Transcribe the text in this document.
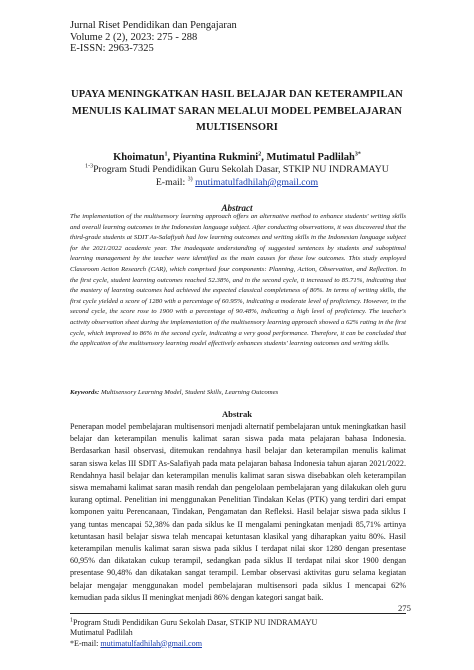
Jurnal Riset Pendidikan dan Pengajaran
Volume 2 (2), 2023: 275 - 288
E-ISSN: 2963-7325
UPAYA MENINGKATKAN HASIL BELAJAR DAN KETERAMPILAN
MENULIS KALIMAT SARAN MELALUI MODEL PEMBELAJARAN
MULTISENSORI
Khoimatun$^1$, Piyantina Rukmini$^2$, Mutimatul Padlilah$^{3*}$
$^{1-3}$Program Studi Pendidikan Guru Sekolah Dasar, STKIP NU INDRAMAYU
E-mail: $^{3)}$ mutimatulfadhilah@gmail.com
Abstract
The implementation of the multisensory learning approach offers an alternative method to enhance students' writing skills and overall learning outcomes in the Indonesian language subject. After conducting observations, it was discovered that the third-grade students at SDIT As-Salafiyah had low learning outcomes and writing skills in the Indonesian language subject for the 2021/2022 academic year. The inadequate understanding of suggested sentences by students and suboptimal learning management by the teacher were identified as the main causes for these low outcomes. This study employed Classroom Action Research (CAR), which comprised four components: Planning, Action, Observation, and Reflection. In the first cycle, student learning outcomes reached 52.38%, and in the second cycle, it increased to 85.71%, indicating that the mastery of learning outcomes had achieved the expected classical completeness of 80%. In terms of writing skills, the first cycle yielded a score of 1280 with a percentage of 60.95%, indicating a moderate level of proficiency. However, in the second cycle, the score rose to 1900 with a percentage of 90.48%, indicating a high level of proficiency. The teacher's activity observation sheet during the implementation of the multisensory learning approach showed a 62% rating in the first cycle, which improved to 86% in the second cycle, indicating a very good performance. Therefore, it can be concluded that the application of the multisensory learning model effectively enhances students' learning outcomes and writing skills.
Keywords: Multisensory Learning Model, Student Skills, Learning Outcomes
Abstrak
Penerapan model pembelajaran multisensori menjadi alternatif pembelajaran untuk meningkatkan hasil belajar dan keterampilan menulis kalimat saran siswa pada mata pelajaran bahasa Indonesia. Berdasarkan hasil observasi, ditemukan rendahnya hasil belajar dan keterampilan menulis kalimat saran siswa kelas III SDIT As-Salafiyah pada mata pelajaran bahasa Indonesia tahun ajaran 2021/2022. Rendahnya hasil belajar dan keterampilan menulis kalimat saran siswa disebabkan oleh keterampilan siswa memahami kalimat saran masih rendah dan pengelolaan pembelajaran yang dilakukan oleh guru kurang optimal. Penelitian ini menggunakan Penelitian Tindakan Kelas (PTK) yang terdiri dari empat komponen yaitu Perencanaan, Tindakan, Pengamatan dan Refleksi. Hasil belajar siswa pada siklus I yang tuntas mencapai 52,38% dan pada siklus ke II mengalami peningkatan menjadi 85,71% artinya ketuntasan hasil belajar siswa telah mencapai ketuntasan klasikal yang diharapkan yaitu 80%. Hasil keterampilan menulis kalimat saran siswa pada siklus I terdapat nilai skor 1280 dengan presentase 60,95% dan dikatakan cukup terampil, sedangkan pada siklus II terdapat nilai skor 1900 dengan presentase 90,48% dan dikatakan sangat terampil. Lembar observasi aktivitas guru selama kegiatan belajar mengajar menggunakan model pembelajaran multisensori pada siklus I mencapai 62% kemudian pada siklus II meningkat menjadi 86% dengan kategori sangat baik.
275
$^1$Program Studi Pendidikan Guru Sekolah Dasar, STKIP NU INDRAMAYU
Mutimatul Padlilah
*E-mail: mutimatulfadhilah@gmail.com
